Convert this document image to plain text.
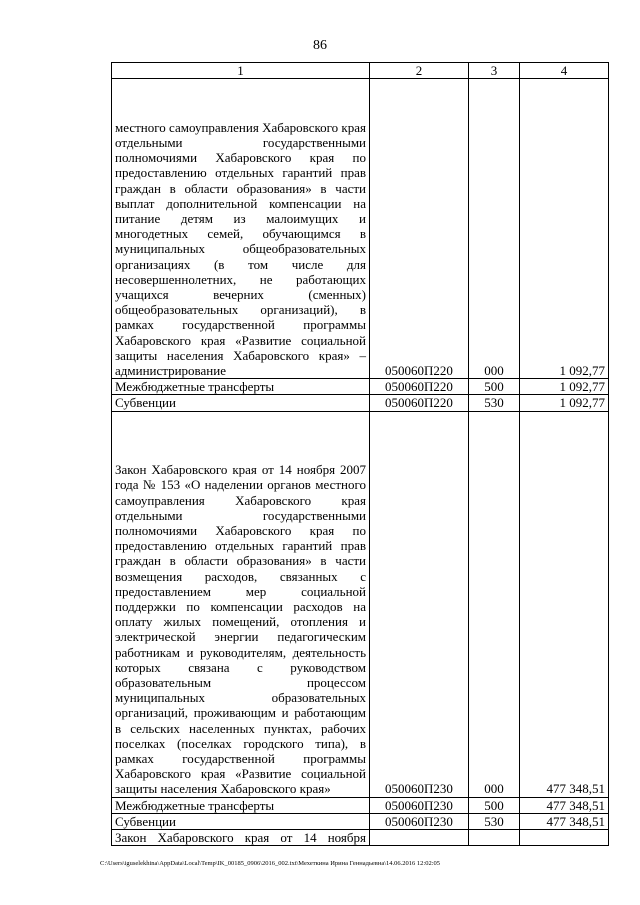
86
1	2	3	4
местного самоуправления Хабаровского края отдельными государственными полномочиями Хабаровского края по предоставлению отдельных гарантий прав граждан в области образования» в части выплат дополнительной компенсации на питание детям из малоимущих и многодетных семей, обучающимся в муниципальных общеобразовательных организациях (в том числе для несовершеннолетних, не работающих учащихся вечерних (сменных) общеобразовательных организаций), в рамках государственной программы Хабаровского края «Развитие социальной защиты населения Хабаровского края» – администрирование	050060П220	000	1 092,77
Межбюджетные трансферты	050060П220	500	1 092,77
Субвенции	050060П220	530	1 092,77
Закон Хабаровского края от 14 ноября 2007 года № 153 «О наделении органов местного самоуправления Хабаровского края отдельными государственными полномочиями Хабаровского края по предоставлению отдельных гарантий прав граждан в области образования» в части возмещения расходов, связанных с предоставлением мер социальной поддержки по компенсации расходов на оплату жилых помещений, отопления и электрической энергии педагогическим работникам и руководителям, деятельность которых связана с руководством образовательным процессом муниципальных образовательных организаций, проживающим и работающим в сельских населенных пунктах, рабочих поселках (поселках городского типа), в рамках государственной программы Хабаровского края «Развитие социальной защиты населения Хабаровского края»	050060П230	000	477 348,51
Межбюджетные трансферты	050060П230	500	477 348,51
Субвенции	050060П230	530	477 348,51
Закон Хабаровского края от 14 ноября			
C:\Users\iguselekhina\AppData\Local\Temp\IK_00185_0906\2016_002.txt\Мехеткина Ирина Геннадьевна\14.06.2016 12:02:05
